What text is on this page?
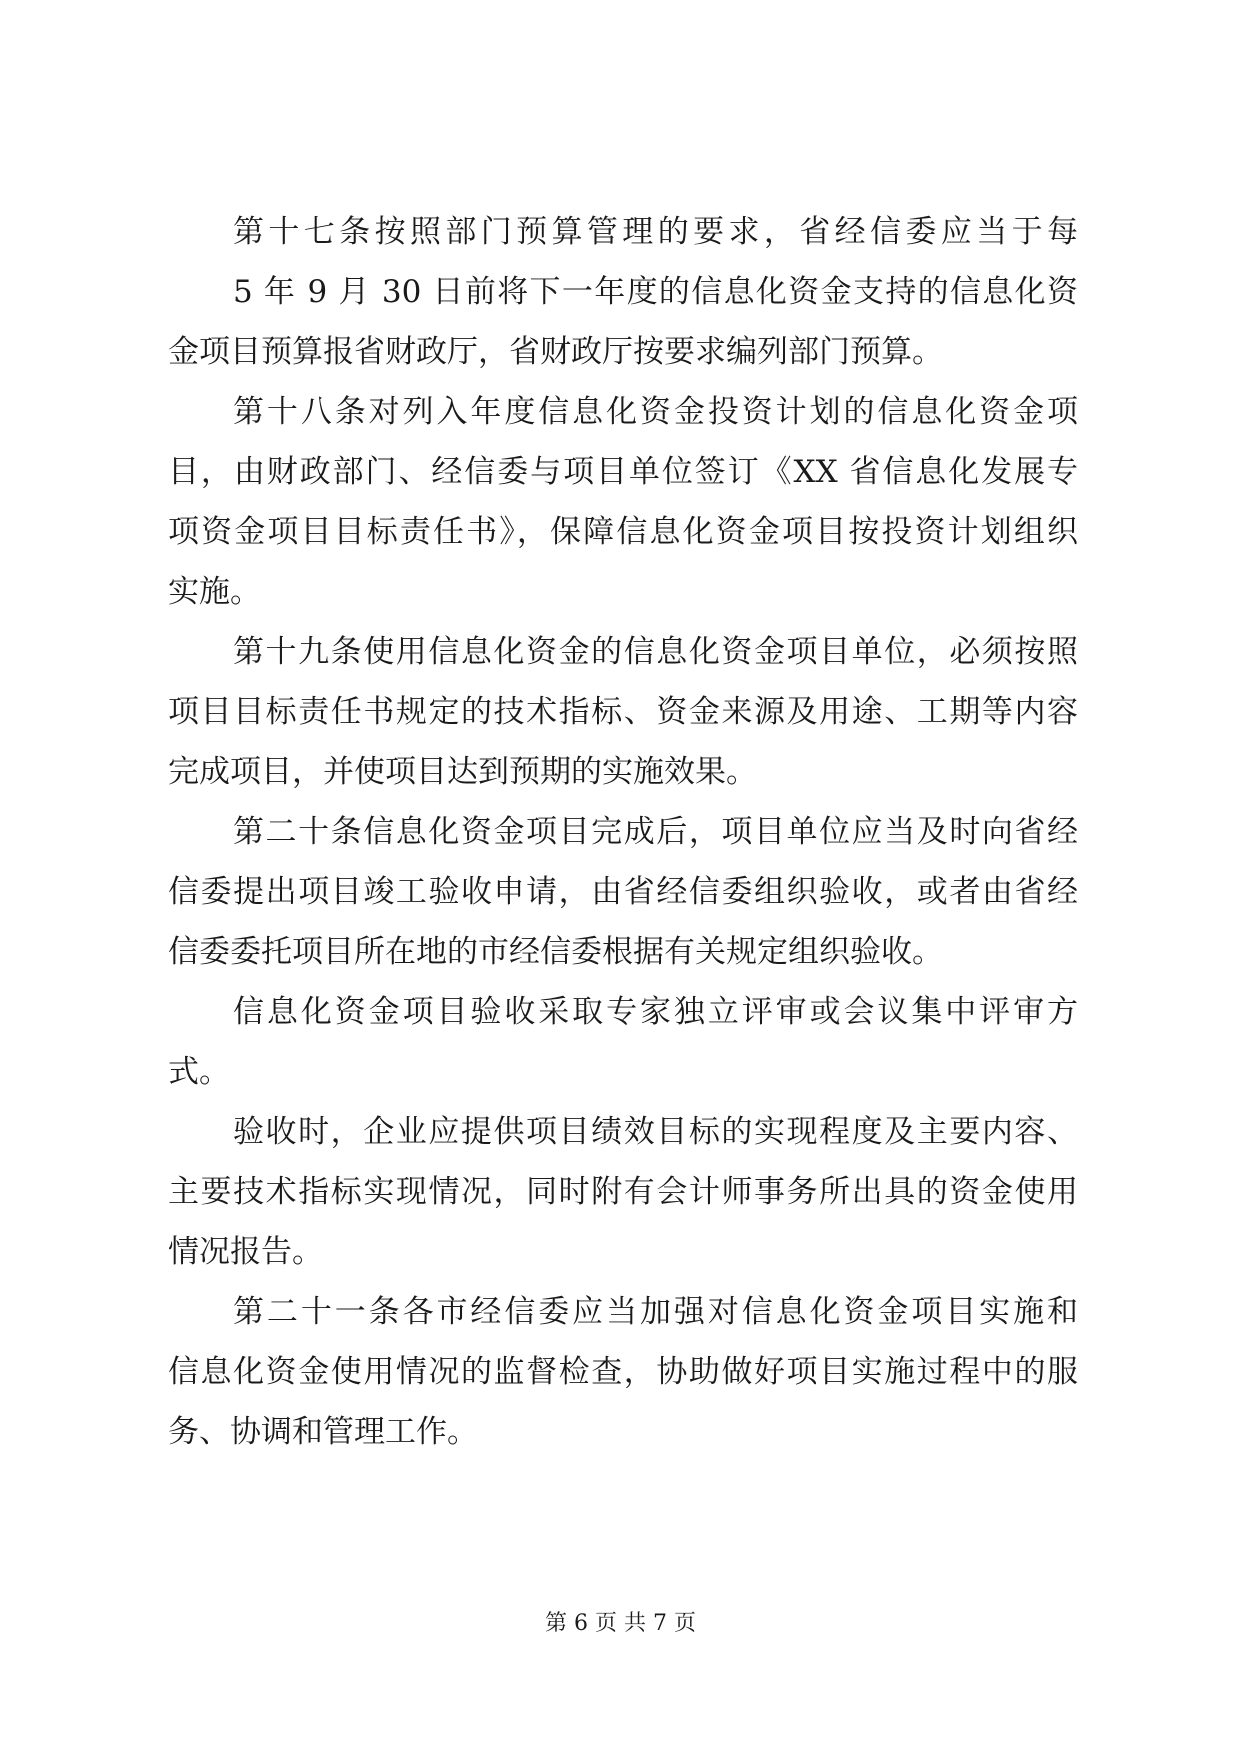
第十七条按照部门预算管理的要求，省经信委应当于每
5 年 9 月 30 日前将下一年度的信息化资金支持的信息化资
金项目预算报省财政厅，省财政厅按要求编列部门预算。
第十八条对列入年度信息化资金投资计划的信息化资金项
目，由财政部门、经信委与项目单位签订《XX 省信息化发展专
项资金项目目标责任书》，保障信息化资金项目按投资计划组织
实施。
第十九条使用信息化资金的信息化资金项目单位，必须按照
项目目标责任书规定的技术指标、资金来源及用途、工期等内容
完成项目，并使项目达到预期的实施效果。
第二十条信息化资金项目完成后，项目单位应当及时向省经
信委提出项目竣工验收申请，由省经信委组织验收，或者由省经
信委委托项目所在地的市经信委根据有关规定组织验收。
信息化资金项目验收采取专家独立评审或会议集中评审方
式。
验收时，企业应提供项目绩效目标的实现程度及主要内容、
主要技术指标实现情况，同时附有会计师事务所出具的资金使用
情况报告。
第二十一条各市经信委应当加强对信息化资金项目实施和
信息化资金使用情况的监督检查，协助做好项目实施过程中的服
务、协调和管理工作。
第 6 页 共 7 页
